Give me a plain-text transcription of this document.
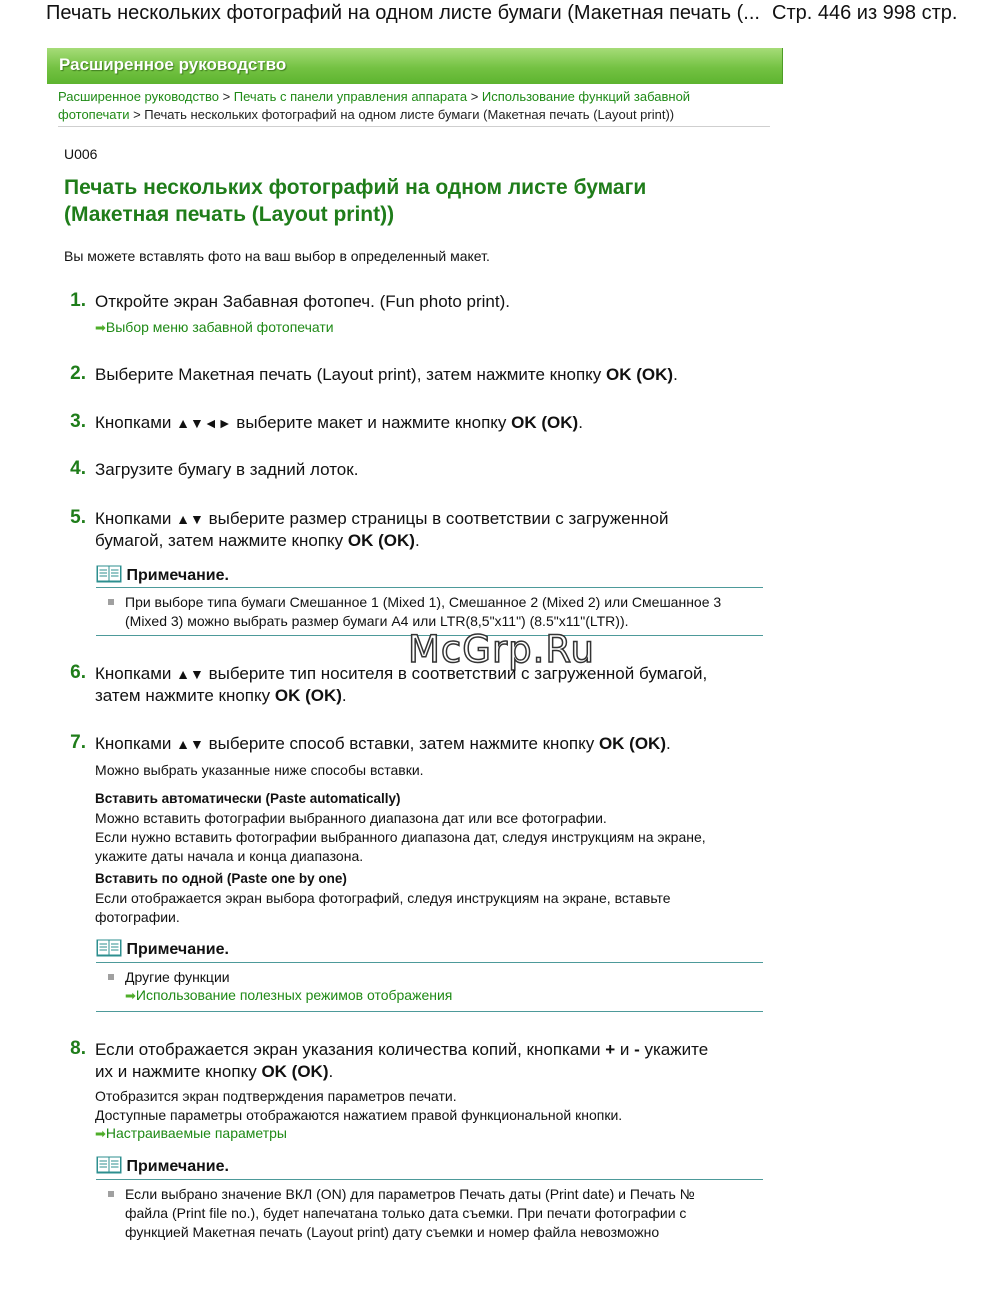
Печать нескольких фотографий на одном листе бумаги (Макетная печать (... Стр. 446 из 998 стр.
Расширенное руководство
Расширенное руководство > Печать с панели управления аппарата > Использование функций забавной фотопечати > Печать нескольких фотографий на одном листе бумаги (Макетная печать (Layout print))
U006
Печать нескольких фотографий на одном листе бумаги
(Макетная печать (Layout print))
Вы можете вставлять фото на ваш выбор в определенный макет.
1. Откройте экран Забавная фотопеч. (Fun photo print).
➡Выбор меню забавной фотопечати
2. Выберите Макетная печать (Layout print), затем нажмите кнопку OK (OK).
3. Кнопками ▲▼◄► выберите макет и нажмите кнопку OK (OK).
4. Загрузите бумагу в задний лоток.
5. Кнопками ▲▼ выберите размер страницы в соответствии с загруженной
бумагой, затем нажмите кнопку OK (OK).
Примечание.
При выборе типа бумаги Смешанное 1 (Mixed 1), Смешанное 2 (Mixed 2) или Смешанное 3
(Mixed 3) можно выбрать размер бумаги A4 или LTR(8,5"x11") (8.5"x11"(LTR)).
McGrp.Ru
6. Кнопками ▲▼ выберите тип носителя в соответствии с загруженной бумагой,
затем нажмите кнопку OK (OK).
7. Кнопками ▲▼ выберите способ вставки, затем нажмите кнопку OK (OK).
Можно выбрать указанные ниже способы вставки.
Вставить автоматически (Paste automatically)
Можно вставить фотографии выбранного диапазона дат или все фотографии.
Если нужно вставить фотографии выбранного диапазона дат, следуя инструкциям на экране,
укажите даты начала и конца диапазона.
Вставить по одной (Paste one by one)
Если отображается экран выбора фотографий, следуя инструкциям на экране, вставьте
фотографии.
Примечание.
Другие функции
➡Использование полезных режимов отображения
8. Если отображается экран указания количества копий, кнопками + и - укажите
их и нажмите кнопку OK (OK).
Отобразится экран подтверждения параметров печати.
Доступные параметры отображаются нажатием правой функциональной кнопки.
➡Настраиваемые параметры
Примечание.
Если выбрано значение ВКЛ (ON) для параметров Печать даты (Print date) и Печать №
файла (Print file no.), будет напечатана только дата съемки. При печати фотографии с
функцией Макетная печать (Layout print) дату съемки и номер файла невозможно
